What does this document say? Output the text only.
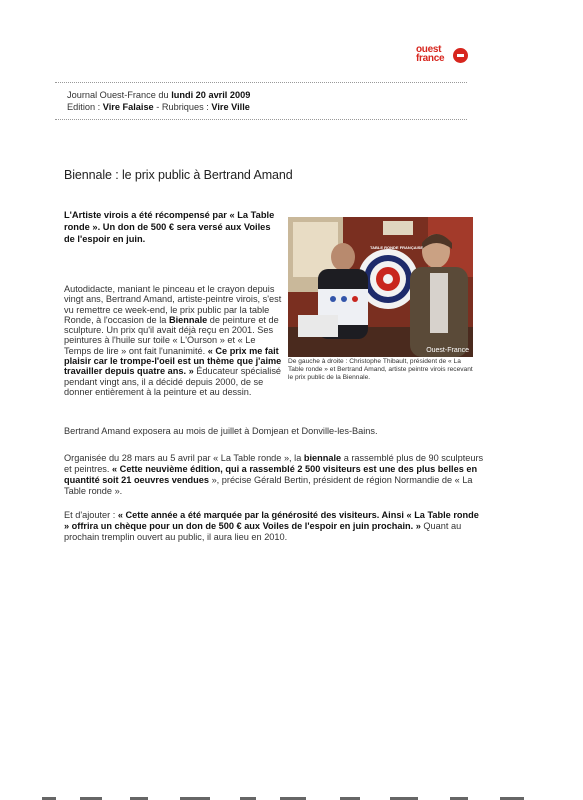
ouest
france
Journal Ouest-France du lundi 20 avril 2009
Edition : Vire Falaise - Rubriques : Vire Ville
Biennale : le prix public à Bertrand Amand
L'Artiste virois a été récompensé par « La Table ronde ». Un don de 500 € sera versé aux Voiles de l'espoir en juin.
Ouest-France
TABLE RONDE FRANÇAISE
De gauche à droite : Christophe Thibault, président de « La Table ronde » et Bertrand Amand, artiste peintre virois recevant le prix public de la Biennale.
Autodidacte, maniant le pinceau et le crayon depuis vingt ans, Bertrand Amand, artiste-peintre virois, s'est vu remettre ce week-end, le prix public par la table Ronde, à l'occasion de la Biennale de peinture et de sculpture. Un prix qu'il avait déjà reçu en 2001. Ses peintures à l'huile sur toile « L'Ourson » et « Le Temps de lire » ont fait l'unanimité. « Ce prix me fait plaisir car le trompe-l'oeil est un thème que j'aime travailler depuis quatre ans. » Éducateur spécialisé pendant vingt ans, il a décidé depuis 2000, de se donner entièrement à la peinture et au dessin.
Bertrand Amand exposera au mois de juillet à Domjean et Donville-les-Bains.
Organisée du 28 mars au 5 avril par « La Table ronde », la biennale a rassemblé plus de 90 sculpteurs et peintres. « Cette neuvième édition, qui a rassemblé 2 500 visiteurs est une des plus belles en quantité soit 21 oeuvres vendues », précise Gérald Bertin, président de région Normandie de « La Table ronde ».
Et d'ajouter : « Cette année a été marquée par la générosité des visiteurs. Ainsi « La Table ronde » offrira un chèque pour un don de 500 € aux Voiles de l'espoir en juin prochain. » Quant au prochain tremplin ouvert au public, il aura lieu en 2010.
